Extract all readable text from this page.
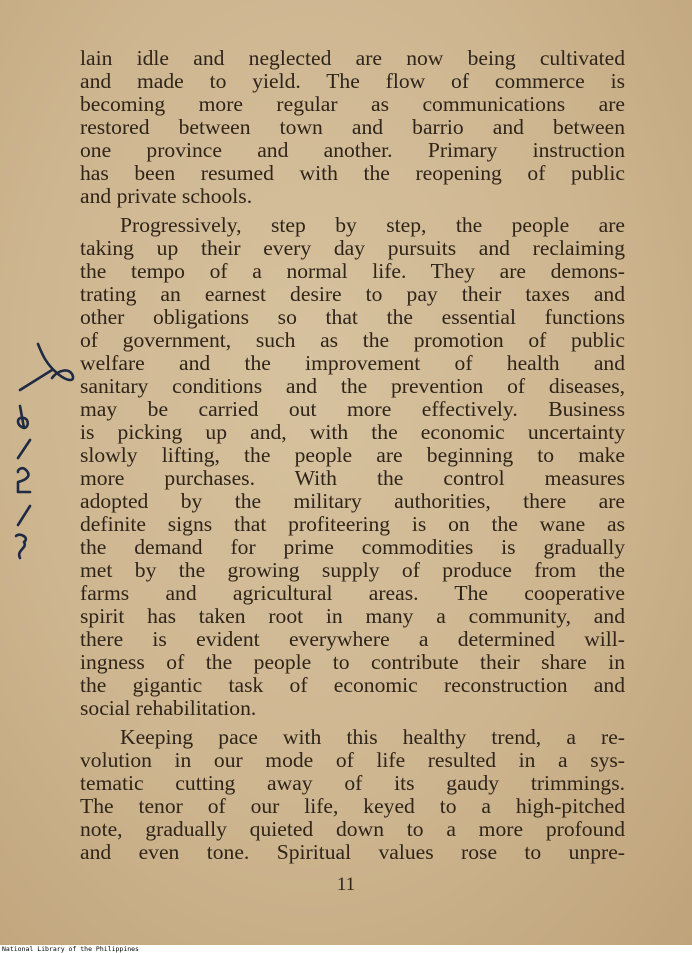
lain idle and neglected are now being cultivated
and made to yield. The flow of commerce is
becoming more regular as communications are
restored between town and barrio and between
one province and another. Primary instruction
has been resumed with the reopening of public
and private schools.

Progressively, step by step, the people are
taking up their every day pursuits and reclaiming
the tempo of a normal life. They are demons-
trating an earnest desire to pay their taxes and
other obligations so that the essential functions
of government, such as the promotion of public
welfare and the improvement of health and
sanitary conditions and the prevention of diseases,
may be carried out more effectively. Business
is picking up and, with the economic uncertainty
slowly lifting, the people are beginning to make
more purchases. With the control measures
adopted by the military authorities, there are
definite signs that profiteering is on the wane as
the demand for prime commodities is gradually
met by the growing supply of produce from the
farms and agricultural areas. The cooperative
spirit has taken root in many a community, and
there is evident everywhere a determined will-
ingness of the people to contribute their share in
the gigantic task of economic reconstruction and
social rehabilitation.

Keeping pace with this healthy trend, a re-
volution in our mode of life resulted in a sys-
tematic cutting away of its gaudy trimmings.
The tenor of our life, keyed to a high-pitched
note, gradually quieted down to a more profound
and even tone. Spiritual values rose to unpre-

11
National Library of the Philippines
